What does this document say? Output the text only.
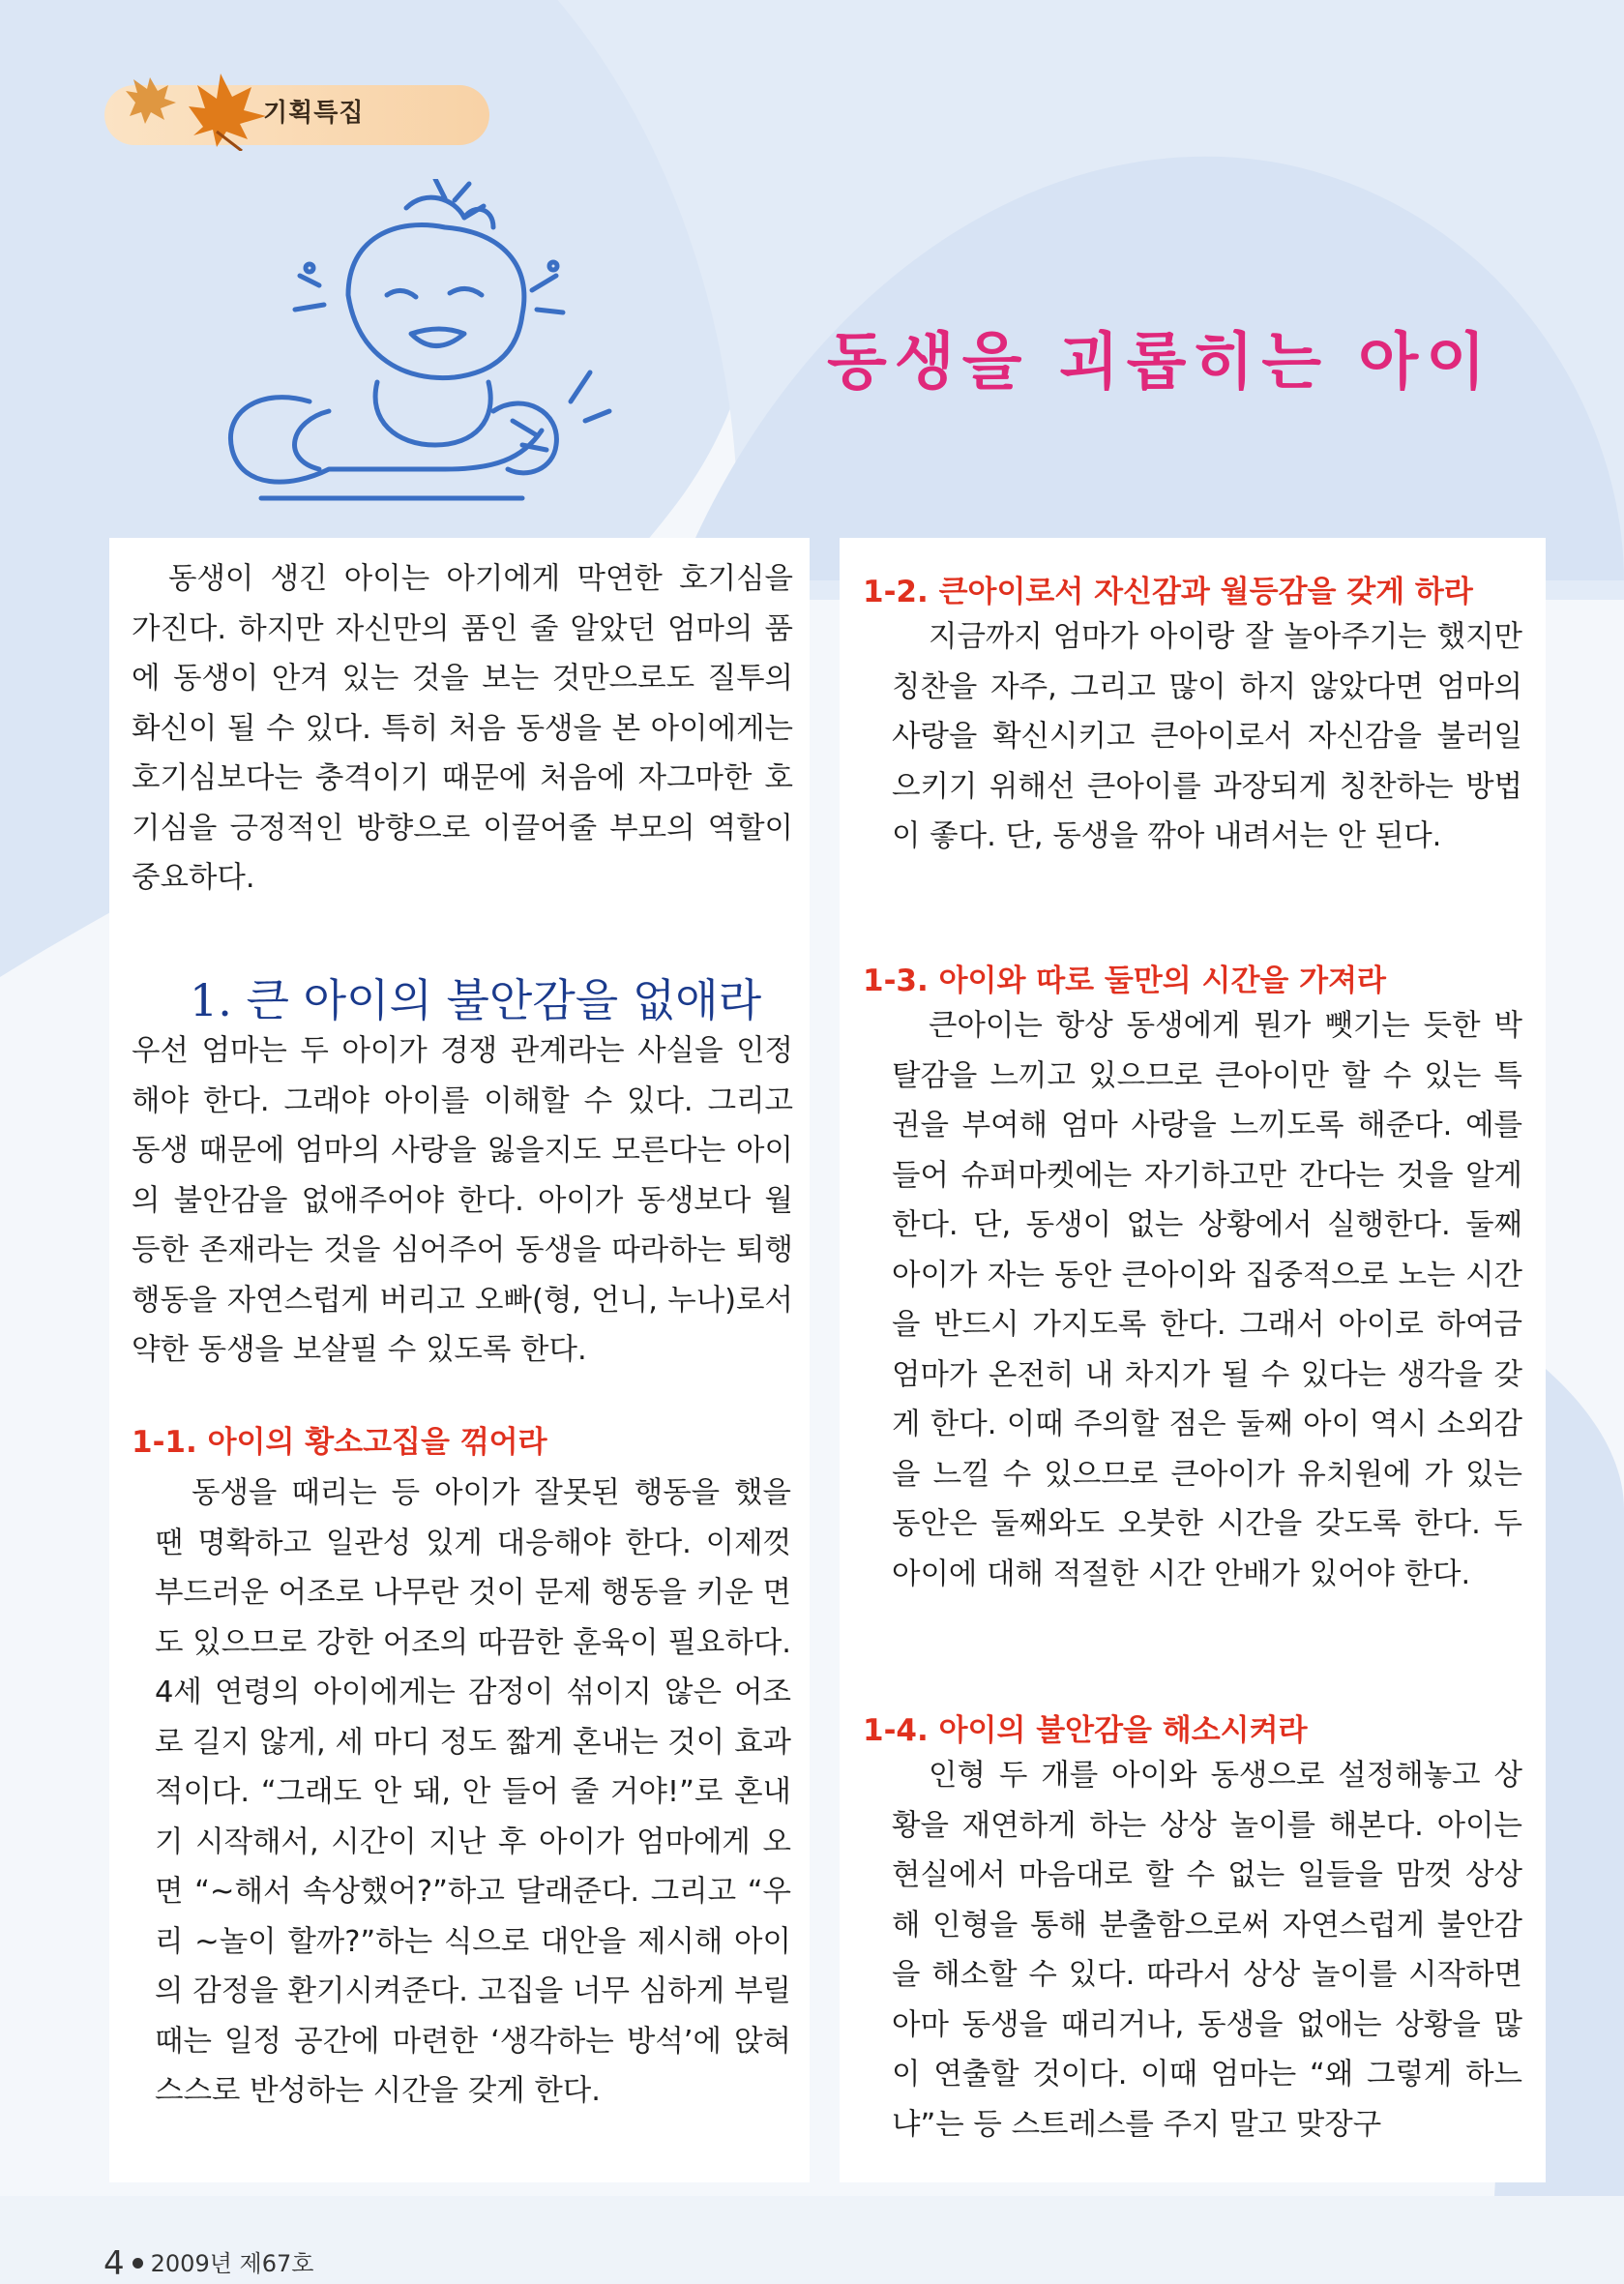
기획특집
동생을 괴롭히는 아이

동생이 생긴 아이는 아기에게 막연한 호기심을 가진다. 하지만 자신만의 품인 줄 알았던 엄마의 품에 동생이 안겨 있는 것을 보는 것만으로도 질투의 화신이 될 수 있다. 특히 처음 동생을 본 아이에게는 호기심보다는 충격이기 때문에 처음에 자그마한 호기심을 긍정적인 방향으로 이끌어줄 부모의 역할이 중요하다.

1. 큰 아이의 불안감을 없애라

우선 엄마는 두 아이가 경쟁 관계라는 사실을 인정해야 한다. 그래야 아이를 이해할 수 있다. 그리고 동생 때문에 엄마의 사랑을 잃을지도 모른다는 아이의 불안감을 없애주어야 한다. 아이가 동생보다 월등한 존재라는 것을 심어주어 동생을 따라하는 퇴행 행동을 자연스럽게 버리고 오빠(형, 언니, 누나)로서 약한 동생을 보살필 수 있도록 한다.

1-1. 아이의 황소고집을 꺾어라

동생을 때리는 등 아이가 잘못된 행동을 했을 땐 명확하고 일관성 있게 대응해야 한다. 이제껏 부드러운 어조로 나무란 것이 문제 행동을 키운 면도 있으므로 강한 어조의 따끔한 훈육이 필요하다. 4세 연령의 아이에게는 감정이 섞이지 않은 어조로 길지 않게, 세 마디 정도 짧게 혼내는 것이 효과적이다. “그래도 안 돼, 안 들어 줄 거야!”로 혼내기 시작해서, 시간이 지난 후 아이가 엄마에게 오면 “~해서 속상했어?”하고 달래준다. 그리고 “우리 ~놀이 할까?”하는 식으로 대안을 제시해 아이의 감정을 환기시켜준다. 고집을 너무 심하게 부릴 때는 일정 공간에 마련한 ‘생각하는 방석’에 앉혀 스스로 반성하는 시간을 갖게 한다.

1-2. 큰아이로서 자신감과 월등감을 갖게 하라

지금까지 엄마가 아이랑 잘 놀아주기는 했지만 칭찬을 자주, 그리고 많이 하지 않았다면 엄마의 사랑을 확신시키고 큰아이로서 자신감을 불러일으키기 위해선 큰아이를 과장되게 칭찬하는 방법이 좋다. 단, 동생을 깎아 내려서는 안 된다.

1-3. 아이와 따로 둘만의 시간을 가져라

큰아이는 항상 동생에게 뭔가 뺏기는 듯한 박탈감을 느끼고 있으므로 큰아이만 할 수 있는 특권을 부여해 엄마 사랑을 느끼도록 해준다. 예를 들어 슈퍼마켓에는 자기하고만 간다는 것을 알게 한다. 단, 동생이 없는 상황에서 실행한다. 둘째 아이가 자는 동안 큰아이와 집중적으로 노는 시간을 반드시 가지도록 한다. 그래서 아이로 하여금 엄마가 온전히 내 차지가 될 수 있다는 생각을 갖게 한다. 이때 주의할 점은 둘째 아이 역시 소외감을 느낄 수 있으므로 큰아이가 유치원에 가 있는 동안은 둘째와도 오붓한 시간을 갖도록 한다. 두 아이에 대해 적절한 시간 안배가 있어야 한다.

1-4. 아이의 불안감을 해소시켜라

인형 두 개를 아이와 동생으로 설정해놓고 상황을 재연하게 하는 상상 놀이를 해본다. 아이는 현실에서 마음대로 할 수 없는 일들을 맘껏 상상해 인형을 통해 분출함으로써 자연스럽게 불안감을 해소할 수 있다. 따라서 상상 놀이를 시작하면 아마 동생을 때리거나, 동생을 없애는 상황을 많이 연출할 것이다. 이때 엄마는 “왜 그렇게 하느냐”는 등 스트레스를 주지 말고 맞장구

4 2009년 제67호
